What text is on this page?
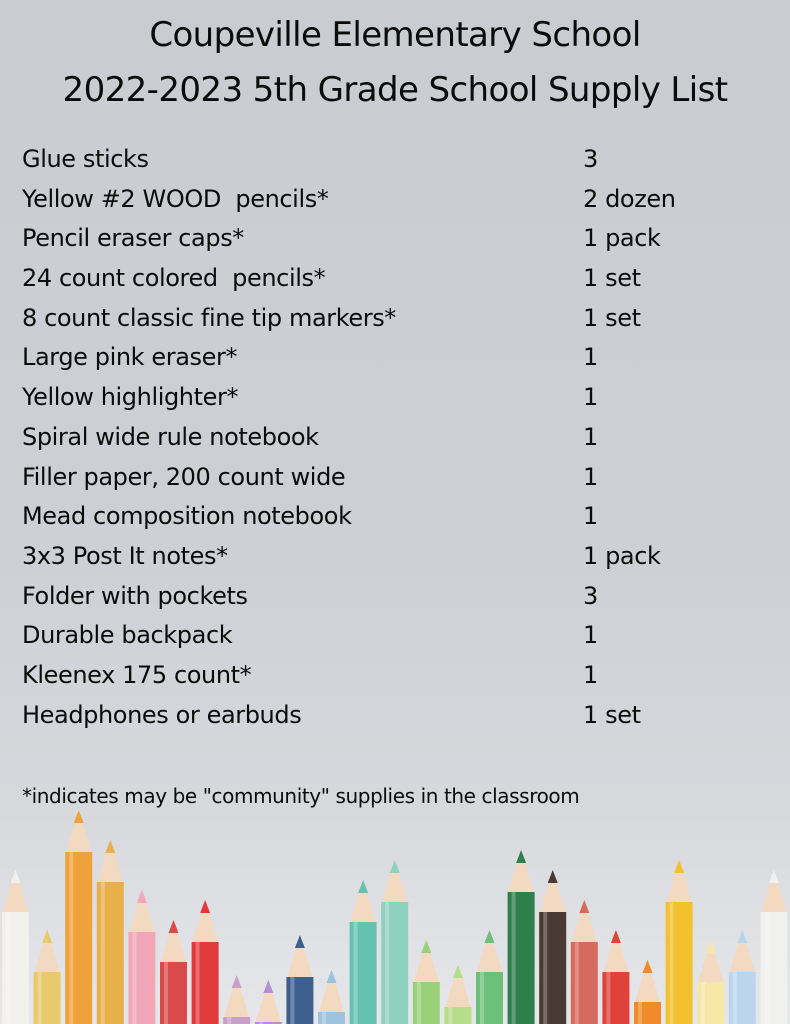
Coupeville Elementary School
2022-2023 5th Grade School Supply List
Glue sticks	3
Yellow #2 WOOD  pencils*	2 dozen
Pencil eraser caps*	1 pack
24 count colored  pencils*	1 set
8 count classic fine tip markers*	1 set
Large pink eraser*	1
Yellow highlighter*	1
Spiral wide rule notebook	1
Filler paper, 200 count wide	1
Mead composition notebook	1
3x3 Post It notes*	1 pack
Folder with pockets	3
Durable backpack	1
Kleenex 175 count*	1
Headphones or earbuds	1 set
*indicates may be "community" supplies in the classroom
